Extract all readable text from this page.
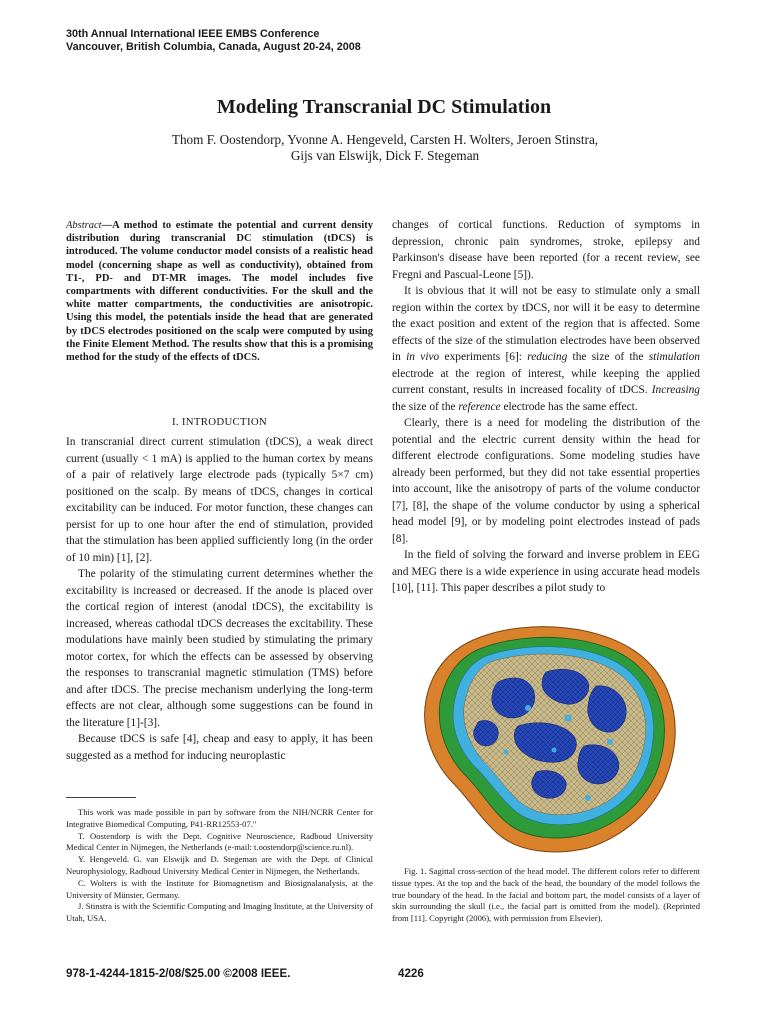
30th Annual International IEEE EMBS Conference
Vancouver, British Columbia, Canada, August 20-24, 2008
Modeling Transcranial DC Stimulation
Thom F. Oostendorp, Yvonne A. Hengeveld, Carsten H. Wolters, Jeroen Stinstra,
Gijs van Elswijk, Dick F. Stegeman
Abstract—A method to estimate the potential and current density distribution during transcranial DC stimulation (tDCS) is introduced. The volume conductor model consists of a realistic head model (concerning shape as well as conductivity), obtained from T1-, PD- and DT-MR images. The model includes five compartments with different conductivities. For the skull and the white matter compartments, the conductivities are anisotropic. Using this model, the potentials inside the head that are generated by tDCS electrodes positioned on the scalp were computed by using the Finite Element Method. The results show that this is a promising method for the study of the effects of tDCS.
I. INTRODUCTION

In transcranial direct current stimulation (tDCS), a weak direct current (usually < 1 mA) is applied to the human cortex by means of a pair of relatively large electrode pads (typically 5×7 cm) positioned on the scalp. By means of tDCS, changes in cortical excitability can be induced. For motor function, these changes can persist for up to one hour after the end of stimulation, provided that the stimulation has been applied sufficiently long (in the order of 10 min) [1], [2].

The polarity of the stimulating current determines whether the excitability is increased or decreased. If the anode is placed over the cortical region of interest (anodal tDCS), the excitability is increased, whereas cathodal tDCS decreases the excitability. These modulations have mainly been studied by stimulating the primary motor cortex, for which the effects can be assessed by observing the responses to transcranial magnetic stimulation (TMS) before and after tDCS. The precise mechanism underlying the long-term effects are not clear, although some suggestions can be found in the literature [1]-[3].

Because tDCS is safe [4], cheap and easy to apply, it has been suggested as a method for inducing neuroplastic

This work was made possible in part by software from the NIH/NCRR Center for Integrative Biomedical Computing, P41-RR12553-07."

T. Oostendorp is with the Dept. Cognitive Neuroscience, Radboud University Medical Center in Nijmegen, the Netherlands (e-mail: t.oostendorp@science.ru.nl).

Y. Hengeveld. G. van Elswijk and D. Stegeman are with the Dept. of Clinical Neurophysiology, Radboud University Medical Center in Nijmegen, the Netherlands.

C. Wolters is with the Institute for Biomagnetism and Biosignalanalysis, at the University of Münster, Germany.

J. Stinstra is with the Scientific Computing and Imaging Institute, at the University of Utah, USA.

changes of cortical functions. Reduction of symptoms in depression, chronic pain syndromes, stroke, epilepsy and Parkinson's disease have been reported (for a recent review, see Fregni and Pascual-Leone [5]).

It is obvious that it will not be easy to stimulate only a small region within the cortex by tDCS, nor will it be easy to determine the exact position and extent of the region that is affected. Some effects of the size of the stimulation electrodes have been observed in in vivo experiments [6]: reducing the size of the stimulation electrode at the region of interest, while keeping the applied current constant, results in increased focality of tDCS. Increasing the size of the reference electrode has the same effect.

Clearly, there is a need for modeling the distribution of the potential and the electric current density within the head for different electrode configurations. Some modeling studies have already been performed, but they did not take essential properties into account, like the anisotropy of parts of the volume conductor [7], [8], the shape of the volume conductor by using a spherical head model [9], or by modeling point electrodes instead of pads [8].

In the field of solving the forward and inverse problem in EEG and MEG there is a wide experience in using accurate head models [10], [11]. This paper describes a pilot study to

Fig. 1. Sagittal cross-section of the head model. The different colors refer to different tissue types. At the top and the back of the head, the boundary of the model follows the true boundary of the head. In the facial and bottom part, the model consists of a layer of skin surrounding the skull (i.e., the facial part is omitted from the model). (Reprinted from [11]. Copyright (2006), with permission from Elsevier).

978-1-4244-1815-2/08/$25.00 ©2008 IEEE.	4226
